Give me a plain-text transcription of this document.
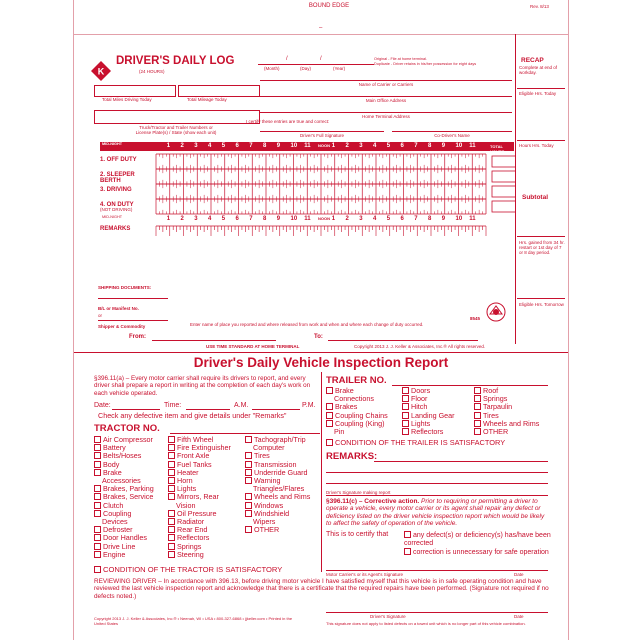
BOUND EDGE	Rev. 8/13
–
K
DRIVER'S DAILY LOG
(24 HOURS)
/	/
(Month)	(Day)	(Year)
Original - File at home terminal.
Duplicate - Driver retains in his/her possession for eight days
Total Miles Driving Today	Total Mileage Today
Name of Carrier or Carriers
Main Office Address
Home Terminal Address
Truck/Tractor and Trailer Numbers or
License Plate(s) / State (show each unit)
I certify these entries are true and correct:
Driver's Full Signature	Co-Driver's Name
RECAP
Complete at end of workday.
Eligible Hrs. Today
Hours Hrs. Today
Subtotal
Hrs. gained from 34 hr. restart or 1st day of 7 or 8 day period.
Eligible Hrs. Tomorrow
MID-NIGHT	1 2 3 4 5 6 7 8 9 10 11 NOON 1 2 3 4 5 6 7 8 9 10 11	TOTAL HOURS
1. OFF DUTY
2. SLEEPER BERTH
3. DRIVING
4. ON DUTY
(NOT DRIVING)
MID-NIGHT	1 2 3 4 5 6 7 8 9 10 11 NOON 1 2 3 4 5 6 7 8 9 10 11
REMARKS
SHIPPING DOCUMENTS:
B/L or Manifest No.
or
Shipper & Commodity	Enter name of place you reported and where released from work and when and where each change of duty occurred.
From:	To:
8545
USE TIME STANDARD AT HOME TERMINAL	Copyright 2013 J. J. Keller & Associates, Inc.® All rights reserved.
Driver's Daily Vehicle Inspection Report
§396.11(a) – Every motor carrier shall require its drivers to report, and every driver shall prepare a report in writing at the completion of each day's work on each vehicle operated.
Date:	Time:	A.M.	P.M.
Check any defective item and give details under "Remarks"
TRACTOR NO.
Air Compressor
Battery
Belts/Hoses
Body
Brake
Accessories
Brakes, Parking
Brakes, Service
Clutch
Coupling
Devices
Defroster
Door Handles
Drive Line
Engine
Fifth Wheel
Fire Extinguisher
Front Axle
Fuel Tanks
Heater
Horn
Lights
Mirrors, Rear
Vision
Oil Pressure
Radiator
Rear End
Reflectors
Springs
Steering
Tachograph/Trip
Computer
Tires
Transmission
Underride Guard
Warning
Triangles/Flares
Wheels and Rims
Windows
Windshield
Wipers
OTHER
CONDITION OF THE TRACTOR IS SATISFACTORY
TRAILER NO.
Brake
Connections
Brakes
Coupling Chains
Coupling (King)
Pin
Doors
Floor
Hitch
Landing Gear
Lights
Reflectors
Roof
Springs
Tarpaulin
Tires
Wheels and Rims
OTHER
CONDITION OF THE TRAILER IS SATISFACTORY
REMARKS:
Driver's Signature making report
§396.11(c) – Corrective action. Prior to requiring or permitting a driver to operate a vehicle, every motor carrier or its agent shall repair any defect or deficiency listed on the driver vehicle inspection report which would be likely to affect the safety of operation of the vehicle.
This is to certify that	any defect(s) or deficiency(s) has/have been corrected
correction is unnecessary for safe operation
Motor Carrier's or its Agent's Signature	Date
REVIEWING DRIVER – In accordance with 396.13, before driving motor vehicle I have satisfied myself that this vehicle is in safe operating condition and have reviewed the last vehicle inspection report and acknowledge that there is a certificate that the required repairs have been performed. (Signature not required if no defects noted.)
Driver's Signature	Date
This signature does not apply to listed defects on a towed unit which is no longer part of this vehicle combination.
Copyright 2013 J. J. Keller & Associates, Inc.® • Neenah, WI • USA • 800-327-6868 • jjkeller.com • Printed in the United States
